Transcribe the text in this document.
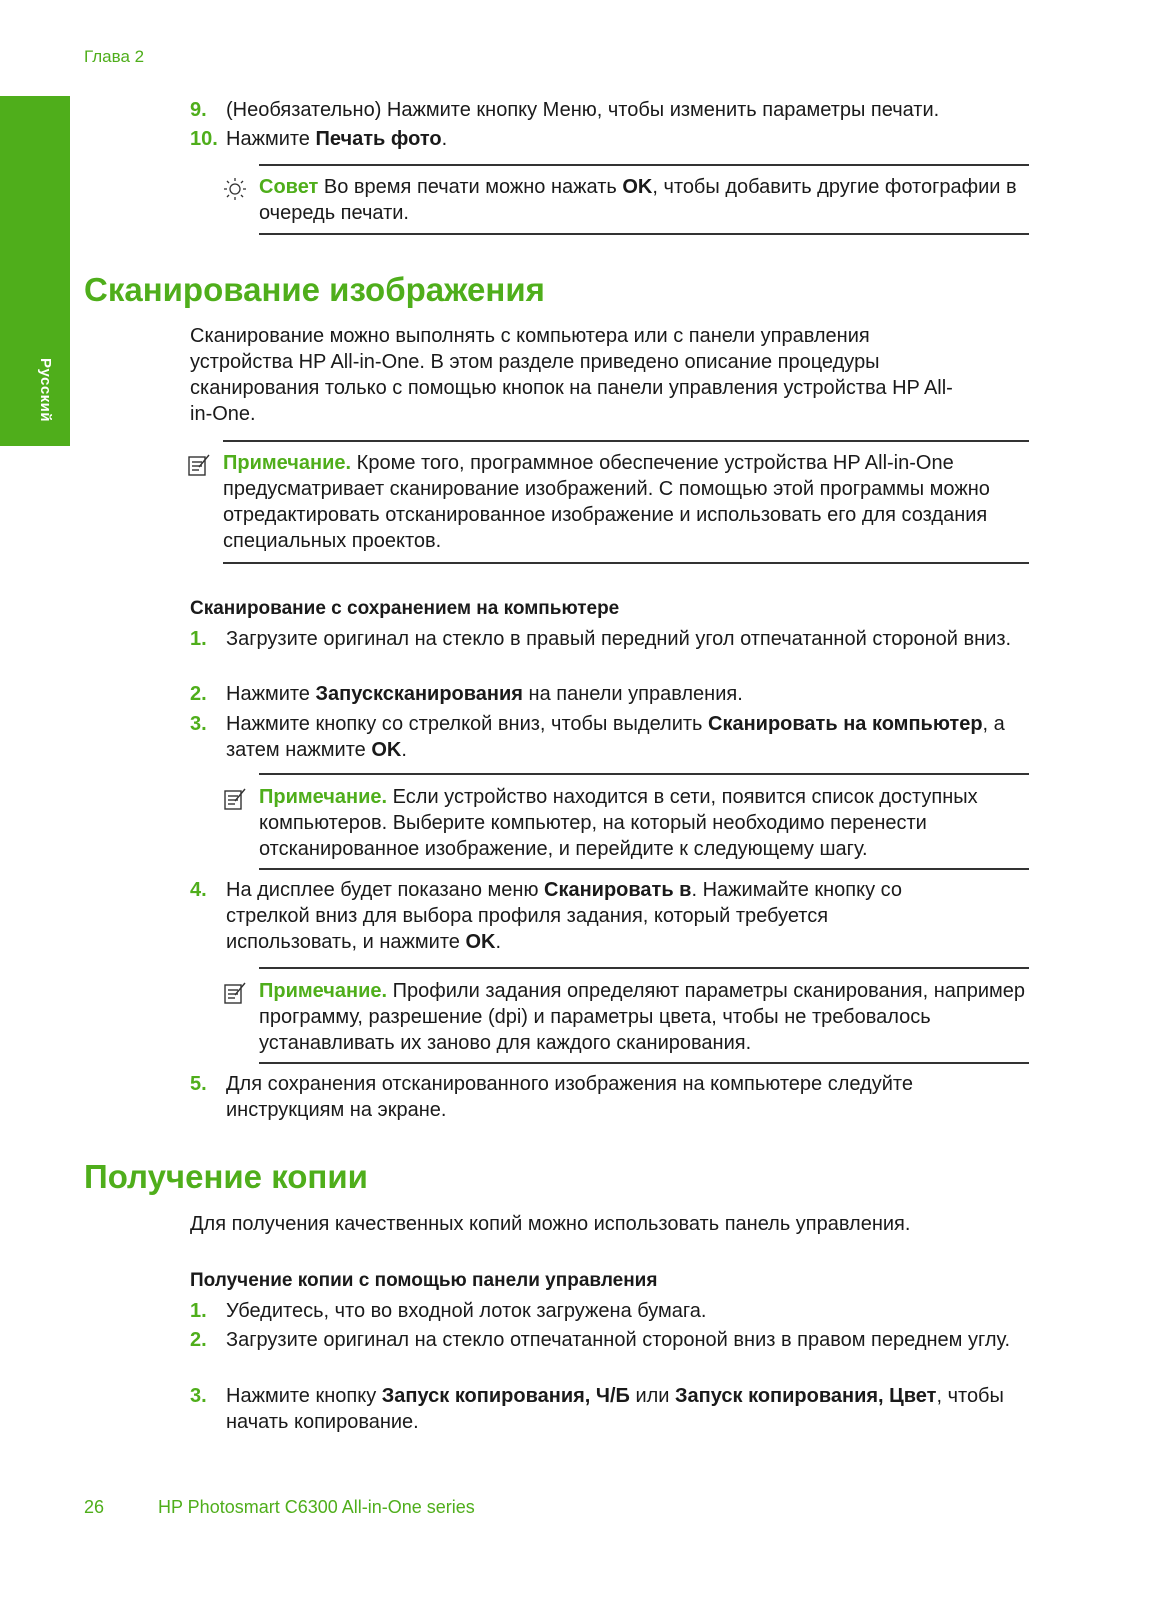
Глава 2
Русский
9. (Необязательно) Нажмите кнопку Меню, чтобы изменить параметры печати.
10. Нажмите Печать фото.
Совет Во время печати можно нажать OK, чтобы добавить другие фотографии в очередь печати.
Сканирование изображения
Сканирование можно выполнять с компьютера или с панели управления устройства HP All-in-One. В этом разделе приведено описание процедуры сканирования только с помощью кнопок на панели управления устройства HP All-in-One.
Примечание. Кроме того, программное обеспечение устройства HP All-in-One предусматривает сканирование изображений. С помощью этой программы можно отредактировать отсканированное изображение и использовать его для создания специальных проектов.
Сканирование с сохранением на компьютере
1. Загрузите оригинал на стекло в правый передний угол отпечатанной стороной вниз.
2. Нажмите Запусксканирования на панели управления.
3. Нажмите кнопку со стрелкой вниз, чтобы выделить Сканировать на компьютер, а затем нажмите OK.
Примечание. Если устройство находится в сети, появится список доступных компьютеров. Выберите компьютер, на который необходимо перенести отсканированное изображение, и перейдите к следующему шагу.
4. На дисплее будет показано меню Сканировать в. Нажимайте кнопку со стрелкой вниз для выбора профиля задания, который требуется использовать, и нажмите OK.
Примечание. Профили задания определяют параметры сканирования, например программу, разрешение (dpi) и параметры цвета, чтобы не требовалось устанавливать их заново для каждого сканирования.
5. Для сохранения отсканированного изображения на компьютере следуйте инструкциям на экране.
Получение копии
Для получения качественных копий можно использовать панель управления.
Получение копии с помощью панели управления
1. Убедитесь, что во входной лоток загружена бумага.
2. Загрузите оригинал на стекло отпечатанной стороной вниз в правом переднем углу.
3. Нажмите кнопку Запуск копирования, Ч/Б или Запуск копирования, Цвет, чтобы начать копирование.
26	HP Photosmart C6300 All-in-One series
